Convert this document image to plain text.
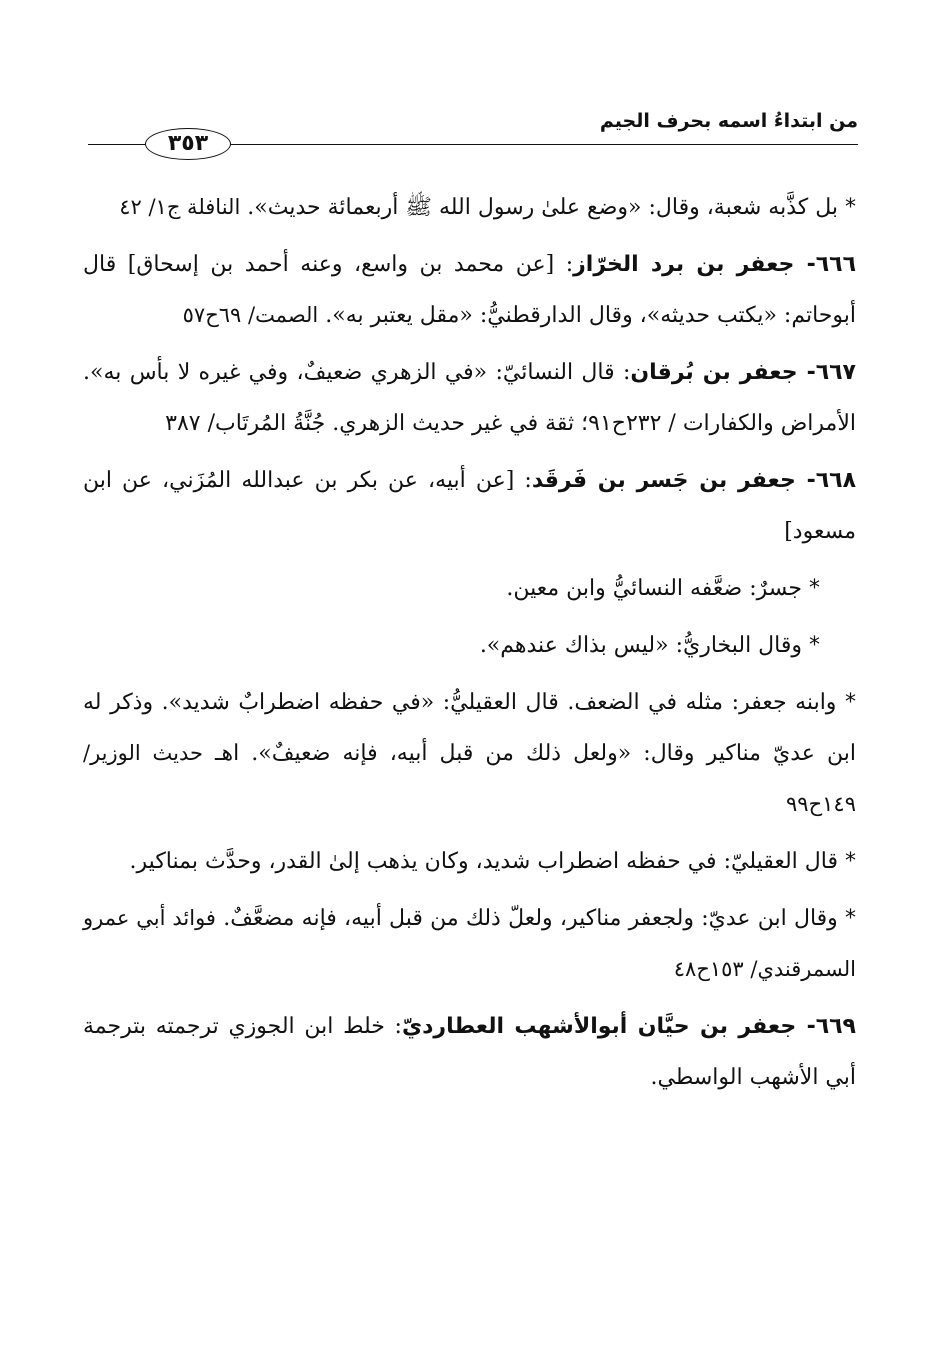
من ابتداءُ اسمه بحرف الجيم
٣٥٣

* بل كذَّبه شعبة، وقال: «وضع علىٰ رسول الله ﷺ أربعمائة حديث». النافلة ج١/ ٤٢

٦٦٦- جعفر بن برد الخرّاز: [عن محمد بن واسع، وعنه أحمد بن إسحاق] قال أبوحاتم: «يكتب حديثه»، وقال الدارقطنيُّ: «مقل يعتبر به». الصمت/ ٦٩ح٥٧

٦٦٧- جعفر بن بُرقان: قال النسائيّ: «في الزهري ضعيفٌ، وفي غيره لا بأس به». الأمراض والكفارات / ٢٣٢ح٩١؛ ثقة في غير حديث الزهري. جُنَّةُ المُرتَاب/ ٣٨٧

٦٦٨- جعفر بن جَسر بن فَرقَد: [عن أبيه، عن بكر بن عبدالله المُزَني، عن ابن مسعود]

* جسرٌ: ضعَّفه النسائيُّ وابن معين.

* وقال البخاريُّ: «ليس بذاك عندهم».

* وابنه جعفر: مثله في الضعف. قال العقيليُّ: «في حفظه اضطرابٌ شديد». وذكر له ابن عديّ مناكير وقال: «ولعل ذلك من قبل أبيه، فإنه ضعيفٌ». اهـ حديث الوزير/ ١٤٩ح٩٩

* قال العقيليّ: في حفظه اضطراب شديد، وكان يذهب إلىٰ القدر، وحدَّث بمناكير.

* وقال ابن عديّ: ولجعفر مناكير، ولعلّ ذلك من قبل أبيه، فإنه مضعَّفٌ. فوائد أبي عمرو السمرقندي/ ١٥٣ح٤٨

٦٦٩- جعفر بن حيَّان أبوالأشهب العطارديّ: خلط ابن الجوزي ترجمته بترجمة أبي الأشهب الواسطي.
